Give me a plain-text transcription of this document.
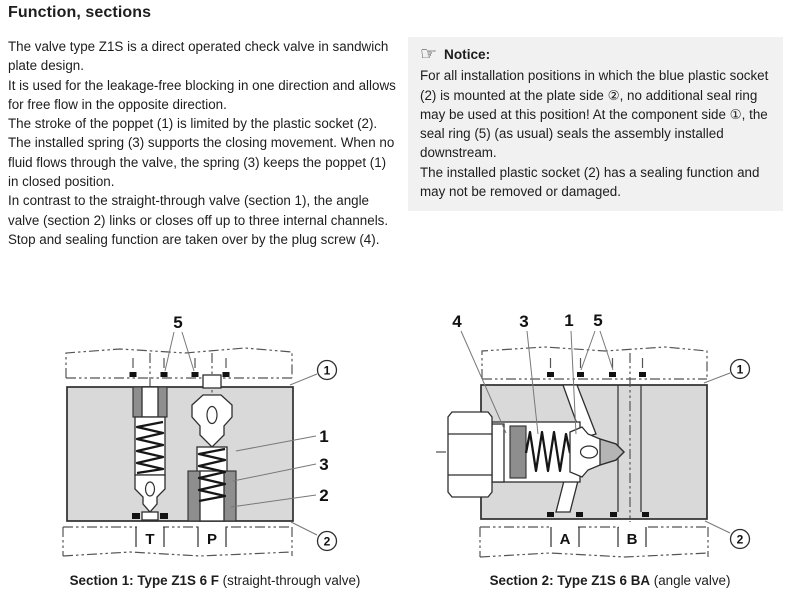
Function, sections

The valve type Z1S is a direct operated check valve in sandwich plate design.

It is used for the leakage-free blocking in one direction and allows for free flow in the opposite direction.

The stroke of the poppet (1) is limited by the plastic socket (2). The installed spring (3) supports the closing movement. When no fluid flows through the valve, the spring (3) keeps the poppet (1) in closed position.

In contrast to the straight-through valve (section 1), the angle valve (section 2) links or closes off up to three internal channels. Stop and sealing function are taken over by the plug screw (4).

☞ Notice:

For all installation positions in which the blue plastic socket (2) is mounted at the plate side ②, no additional seal ring may be used at this position! At the component side ①, the seal ring (5) (as usual) seals the assembly installed downstream.

The installed plastic socket (2) has a sealing function and may not be removed or damaged.

5
1
1
3
2
2
T	P
1
4	3 1 5
2
A	B
Section 1: Type Z1S 6 F (straight-through valve)	Section 2: Type Z1S 6 BA (angle valve)
